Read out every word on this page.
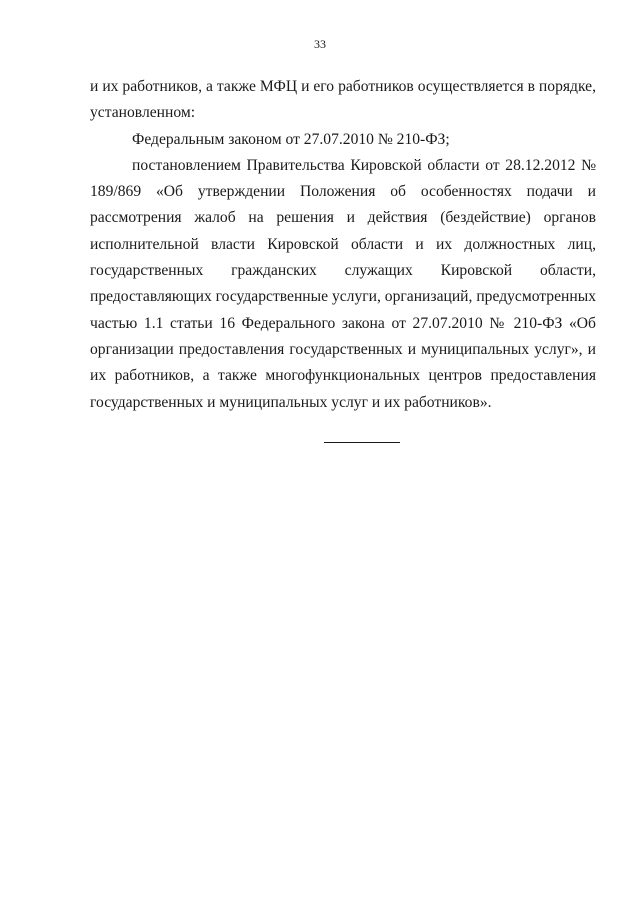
33

и их работников, а также МФЦ и его работников осуществляется в порядке, установленном:

Федеральным законом от 27.07.2010 № 210-ФЗ;

постановлением Правительства Кировской области от 28.12.2012 № 189/869 «Об утверждении Положения об особенностях подачи и рассмотрения жалоб на решения и действия (бездействие) органов исполнительной власти Кировской области и их должностных лиц, государственных гражданских служащих Кировской области, предоставляющих государственные услуги, организаций, предусмотренных частью 1.1 статьи 16 Федерального закона от 27.07.2010 № 210-ФЗ «Об организации предоставления государственных и муниципальных услуг», и их работников, а также многофункциональных центров предоставления государственных и муниципальных услуг и их работников».
